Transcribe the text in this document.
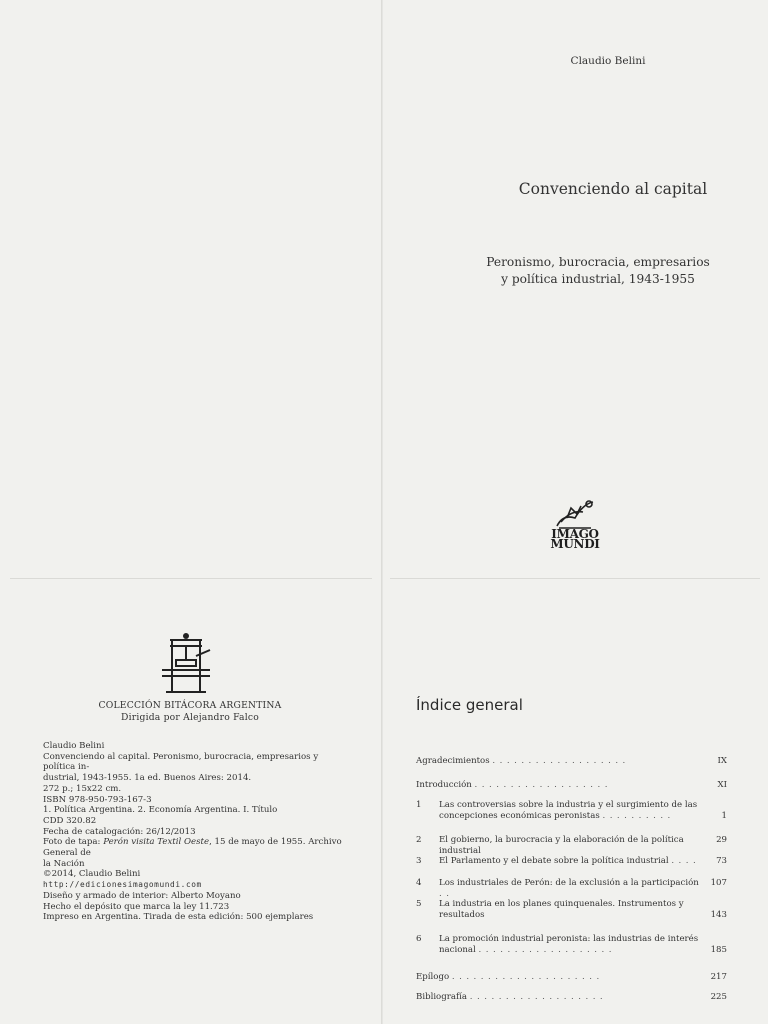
COLECCIÓN BITÁCORA ARGENTINA
Dirigida por Alejandro Falco
Claudio Belini
Convenciendo al capital. Peronismo, burocracia, empresarios y política in-
dustrial, 1943-1955. 1a ed. Buenos Aires: 2014.
272 p.; 15x22 cm.
ISBN 978-950-793-167-3
1. Política Argentina. 2. Economía Argentina. I. Título
CDD 320.82
Fecha de catalogación: 26/12/2013
Foto de tapa: Perón visita Textil Oeste, 15 de mayo de 1955. Archivo General de
la Nación
©2014, Claudio Belini
http://edicionesimagomundi.com
Diseño y armado de interior: Alberto Moyano
Hecho el depósito que marca la ley 11.723
Impreso en Argentina. Tirada de esta edición: 500 ejemplares
Claudio Belini
Convenciendo al capital
Peronismo, burocracia, empresarios
y política industrial, 1943-1955
IMAGO
MUNDI
Índice general
Agradecimientos ...................	IX
Introducción ...................	XI
1 Las controversias sobre la industria y el surgimiento de las
concepciones económicas peronistas ..........	1
2 El gobierno, la burocracia y la elaboración de la política industrial
29
3 El Parlamento y el debate sobre la política industrial .... 73
4 Los industriales de Perón: de la exclusión a la participación ..
107
5 La industria en los planes quinquenales. Instrumentos y
resultados	143
6 La promoción industrial peronista: las industrias de interés
nacional ...................	185
Epílogo .....................	217
Bibliografía ...................	225
